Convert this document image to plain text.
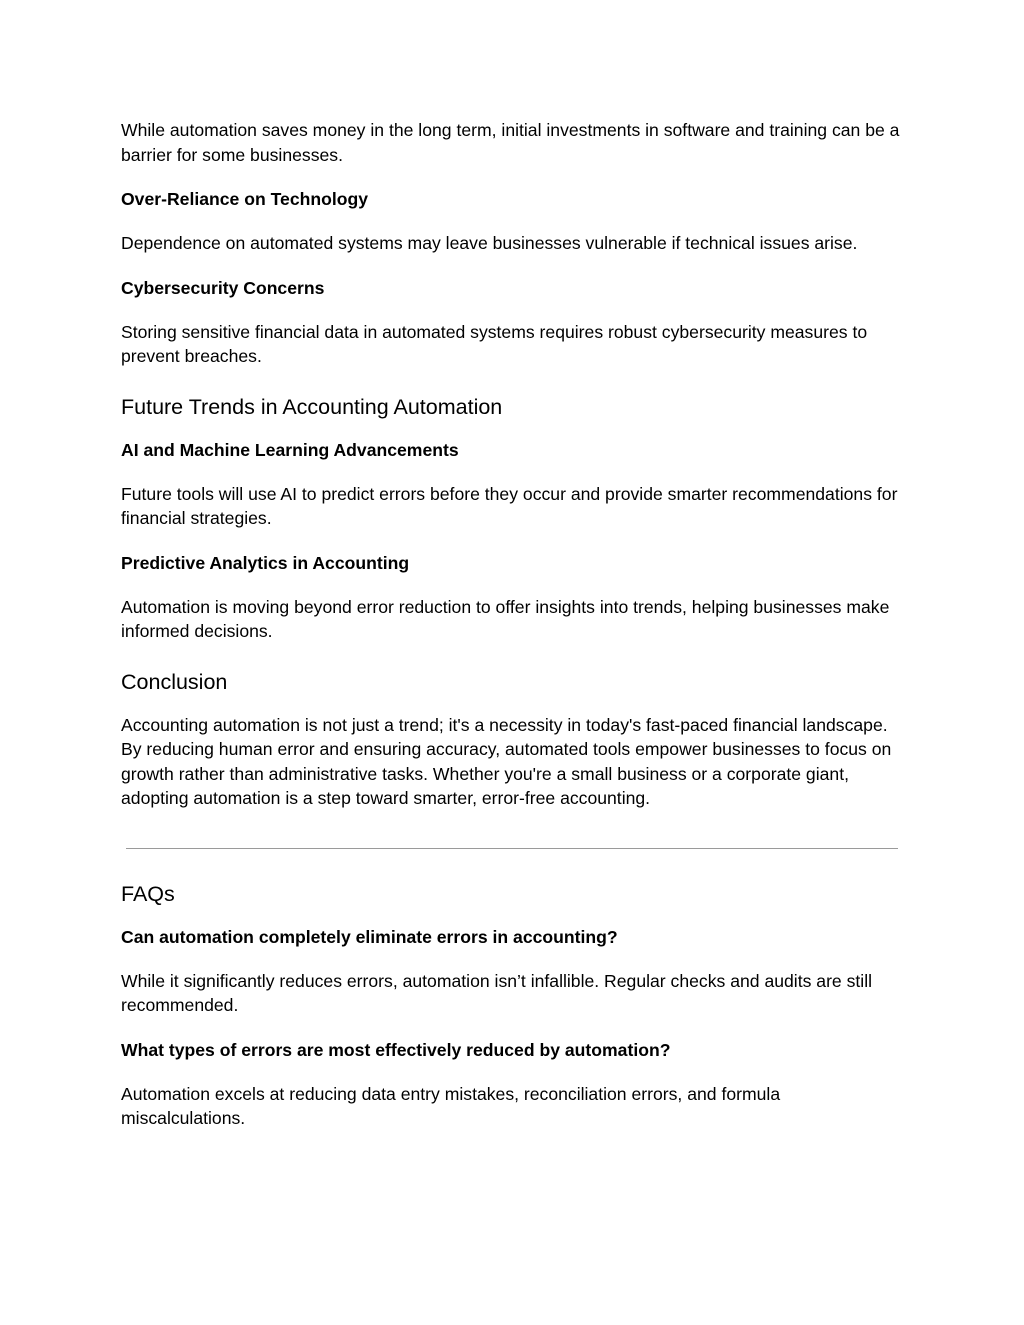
While automation saves money in the long term, initial investments in software and training can be a barrier for some businesses.

Over-Reliance on Technology

Dependence on automated systems may leave businesses vulnerable if technical issues arise.

Cybersecurity Concerns

Storing sensitive financial data in automated systems requires robust cybersecurity measures to prevent breaches.

Future Trends in Accounting Automation
AI and Machine Learning Advancements

Future tools will use AI to predict errors before they occur and provide smarter recommendations for financial strategies.

Predictive Analytics in Accounting

Automation is moving beyond error reduction to offer insights into trends, helping businesses make informed decisions.

Conclusion

Accounting automation is not just a trend; it's a necessity in today's fast-paced financial landscape. By reducing human error and ensuring accuracy, automated tools empower businesses to focus on growth rather than administrative tasks. Whether you're a small business or a corporate giant, adopting automation is a step toward smarter, error-free accounting.

FAQs
Can automation completely eliminate errors in accounting?

While it significantly reduces errors, automation isn’t infallible. Regular checks and audits are still recommended.

What types of errors are most effectively reduced by automation?

Automation excels at reducing data entry mistakes, reconciliation errors, and formula miscalculations.
